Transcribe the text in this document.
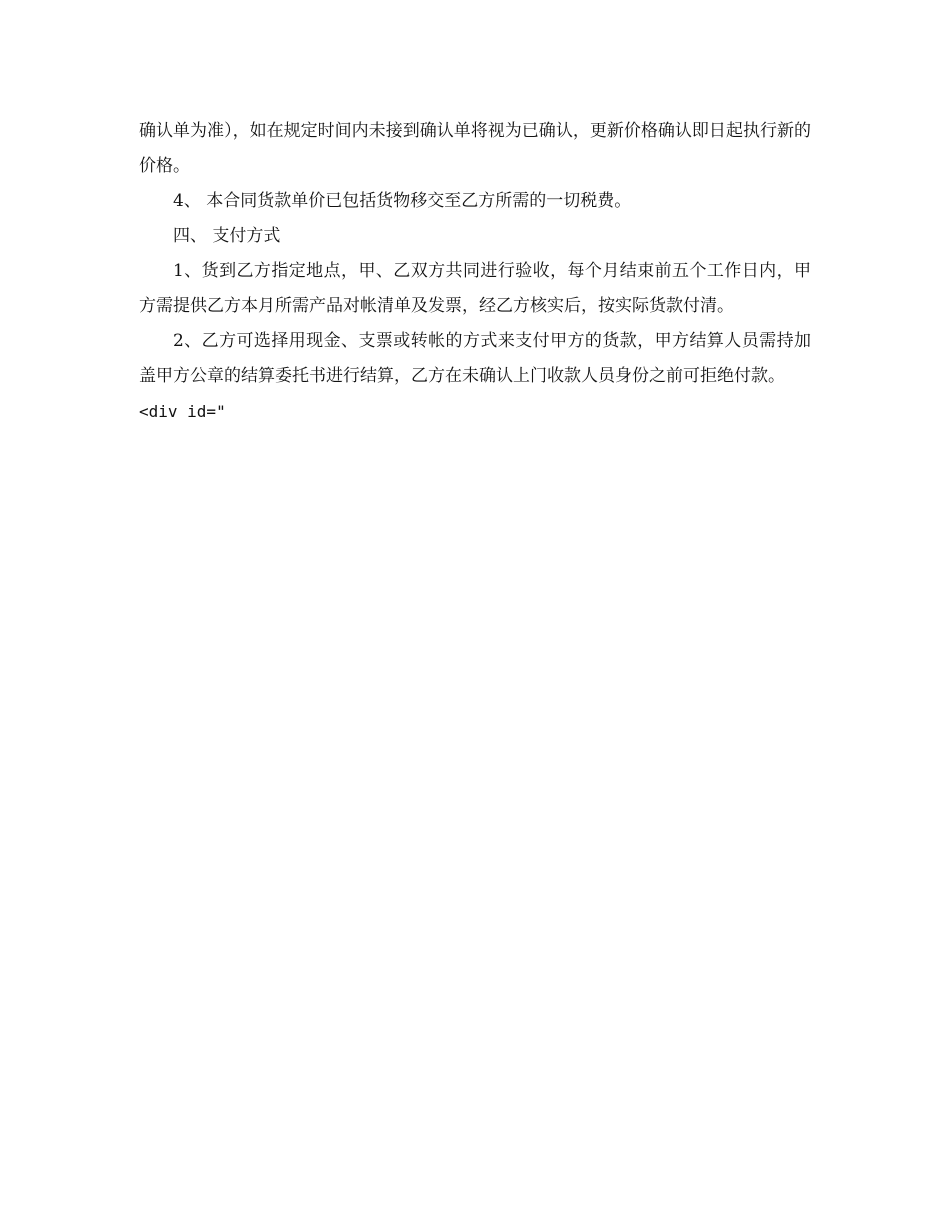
确认单为准），如在规定时间内未接到确认单将视为已确认，更新价格确认即日起执行新的价格。

4、 本合同货款单价已包括货物移交至乙方所需的一切税费。

四、 支付方式

1、货到乙方指定地点，甲、乙双方共同进行验收，每个月结束前五个工作日内，甲方需提供乙方本月所需产品对帐清单及发票，经乙方核实后，按实际货款付清。

2、乙方可选择用现金、支票或转帐的方式来支付甲方的货款，甲方结算人员需持加盖甲方公章的结算委托书进行结算，乙方在未确认上门收款人员身份之前可拒绝付款。

<div id="
